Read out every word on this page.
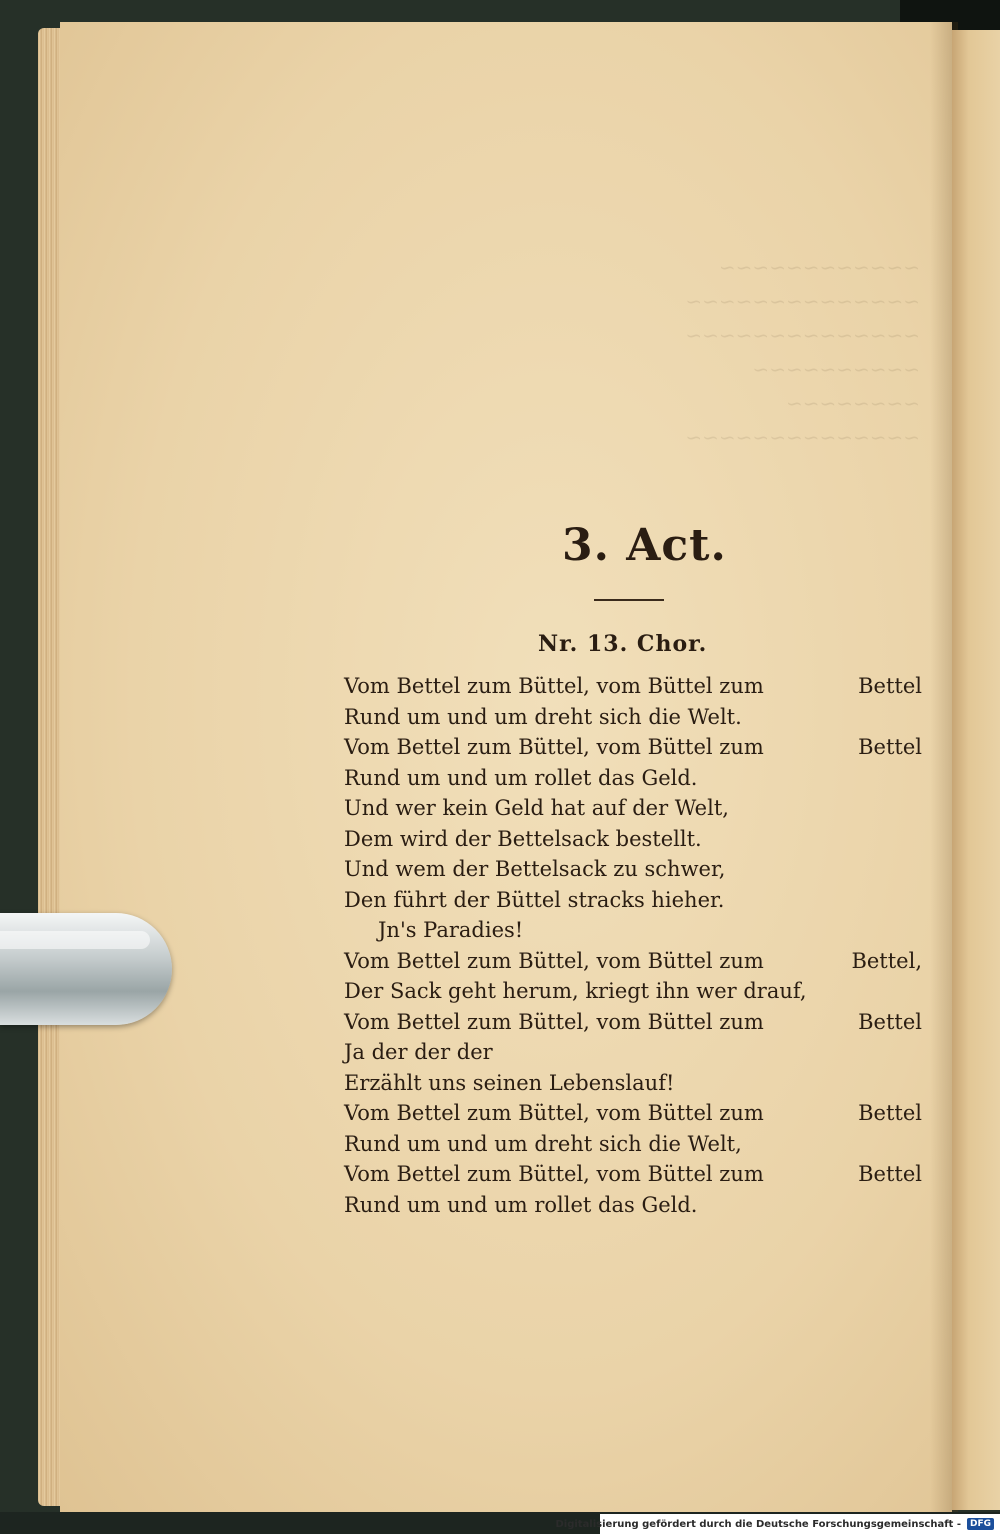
~~~~~~~~~~~~
~~~~~~~~~~~~~~
~~~~~~~~~~~~~~
~~~~~~~~~~
~~~~~~~~
~~~~~~~~~~~~~~
3. Act.
Nr. 13. Chor.
Vom Bettel zum Büttel, vom Büttel zum	Bettel
Rund um und um dreht sich die Welt.
Vom Bettel zum Büttel, vom Büttel zum	Bettel
Rund um und um rollet das Geld.
Und wer kein Geld hat auf der Welt,
Dem wird der Bettelsack bestellt.
Und wem der Bettelsack zu schwer,
Den führt der Büttel stracks hieher.
Jn's Paradies!
Vom Bettel zum Büttel, vom Büttel zum	Bettel,
Der Sack geht herum, kriegt ihn wer drauf,
Vom Bettel zum Büttel, vom Büttel zum	Bettel
Ja der der der
Erzählt uns seinen Lebenslauf!
Vom Bettel zum Büttel, vom Büttel zum	Bettel
Rund um und um dreht sich die Welt,
Vom Bettel zum Büttel, vom Büttel zum	Bettel
Rund um und um rollet das Geld.
Digitalisierung gefördert durch die Deutsche Forschungsgemeinschaft -	DFG
